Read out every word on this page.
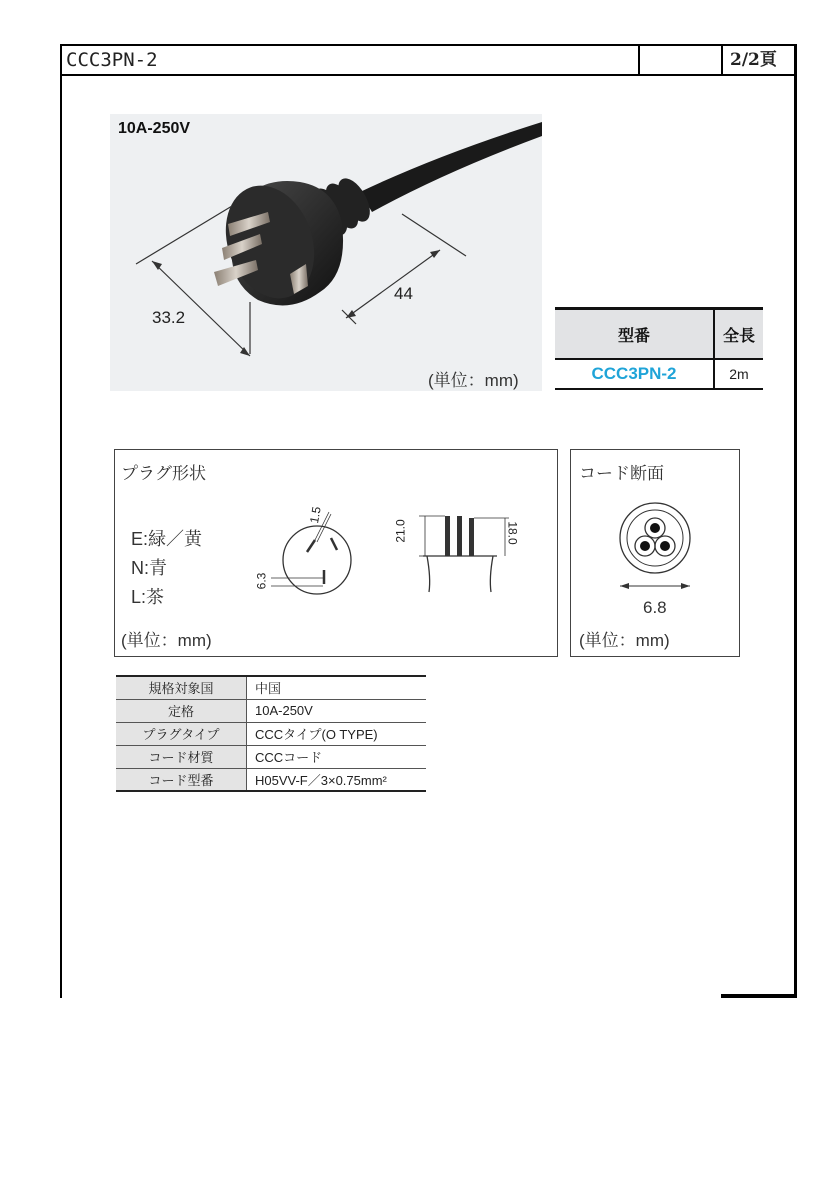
CCC3PN-2	2/2頁
10A-250V
33.2
44
(単位：mm)
型番	全長
CCC3PN-2	2m
プラグ形状
E:緑／黄
N:青
L:茶
(単位：mm)
1.5
6.3
21.0	18.0
コード断面
6.8
(単位：mm)
規格対象国	中国
定格	10A-250V
プラグタイプ	CCCタイプ(O TYPE)
コード材質	CCCコード
コード型番	H05VV-F／3×0.75mm²
